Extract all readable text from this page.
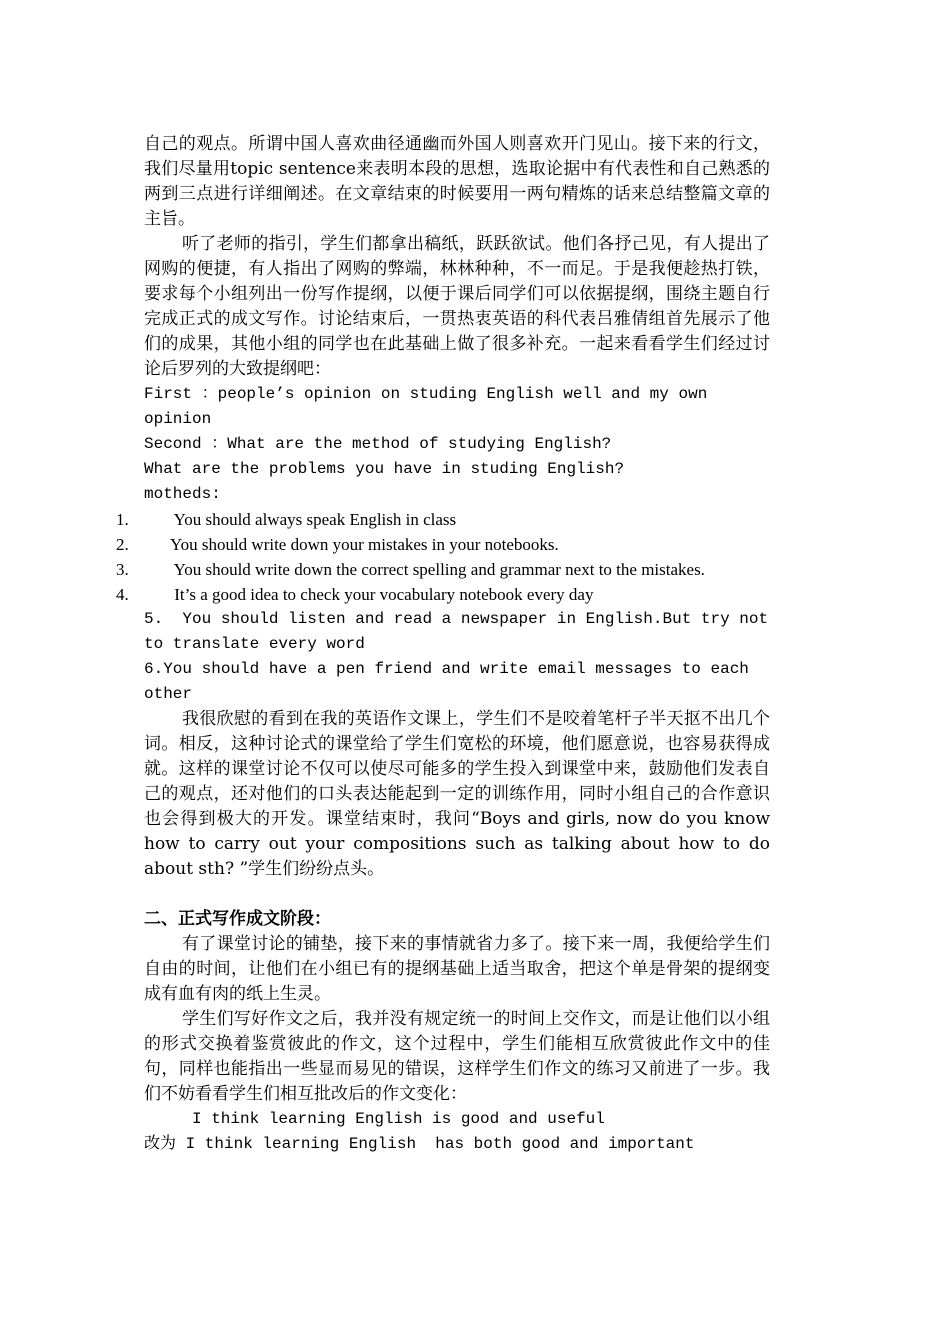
自己的观点。所谓中国人喜欢曲径通幽而外国人则喜欢开门见山。接下来的行文，我们尽量用topic sentence来表明本段的思想，选取论据中有代表性和自己熟悉的两到三点进行详细阐述。在文章结束的时候要用一两句精炼的话来总结整篇文章的主旨。

听了老师的指引，学生们都拿出稿纸，跃跃欲试。他们各抒己见，有人提出了网购的便捷，有人指出了网购的弊端，林林种种，不一而足。于是我便趁热打铁，要求每个小组列出一份写作提纲，以便于课后同学们可以依据提纲，围绕主题自行完成正式的成文写作。讨论结束后，一贯热衷英语的科代表吕雅倩组首先展示了他们的成果，其他小组的同学也在此基础上做了很多补充。一起来看看学生们经过讨论后罗列的大致提纲吧：

First ：people’s opinion on studing English well and my own opinion

Second ：What are the method of studying English?

What are the problems you have in studing English?

motheds:

1.	You should always speak English in class

2. You should write down your mistakes in your notebooks.

3.	You should write down the correct spelling and grammar next to the mistakes.

4.	It’s a good idea to check your vocabulary notebook every day

5.  You should listen and read a newspaper in English.But try not to translate every word

6.You should have a pen friend and write email messages to each other

我很欣慰的看到在我的英语作文课上，学生们不是咬着笔杆子半天抠不出几个词。相反，这种讨论式的课堂给了学生们宽松的环境，他们愿意说，也容易获得成就。这样的课堂讨论不仅可以使尽可能多的学生投入到课堂中来，鼓励他们发表自己的观点，还对他们的口头表达能起到一定的训练作用，同时小组自己的合作意识也会得到极大的开发。课堂结束时，我问“Boys and girls, now do you know how to carry out your compositions such as talking about how to do about sth? ”学生们纷纷点头。

二、正式写作成文阶段：

有了课堂讨论的铺垫，接下来的事情就省力多了。接下来一周，我便给学生们自由的时间，让他们在小组已有的提纲基础上适当取舍，把这个单是骨架的提纲变成有血有肉的纸上生灵。

学生们写好作文之后，我并没有规定统一的时间上交作文，而是让他们以小组的形式交换着鉴赏彼此的作文，这个过程中，学生们能相互欣赏彼此作文中的佳句，同样也能指出一些显而易见的错误，这样学生们作文的练习又前进了一步。我们不妨看看学生们相互批改后的作文变化：

I think learning English is good and useful

改为 I think learning English  has both good and important
